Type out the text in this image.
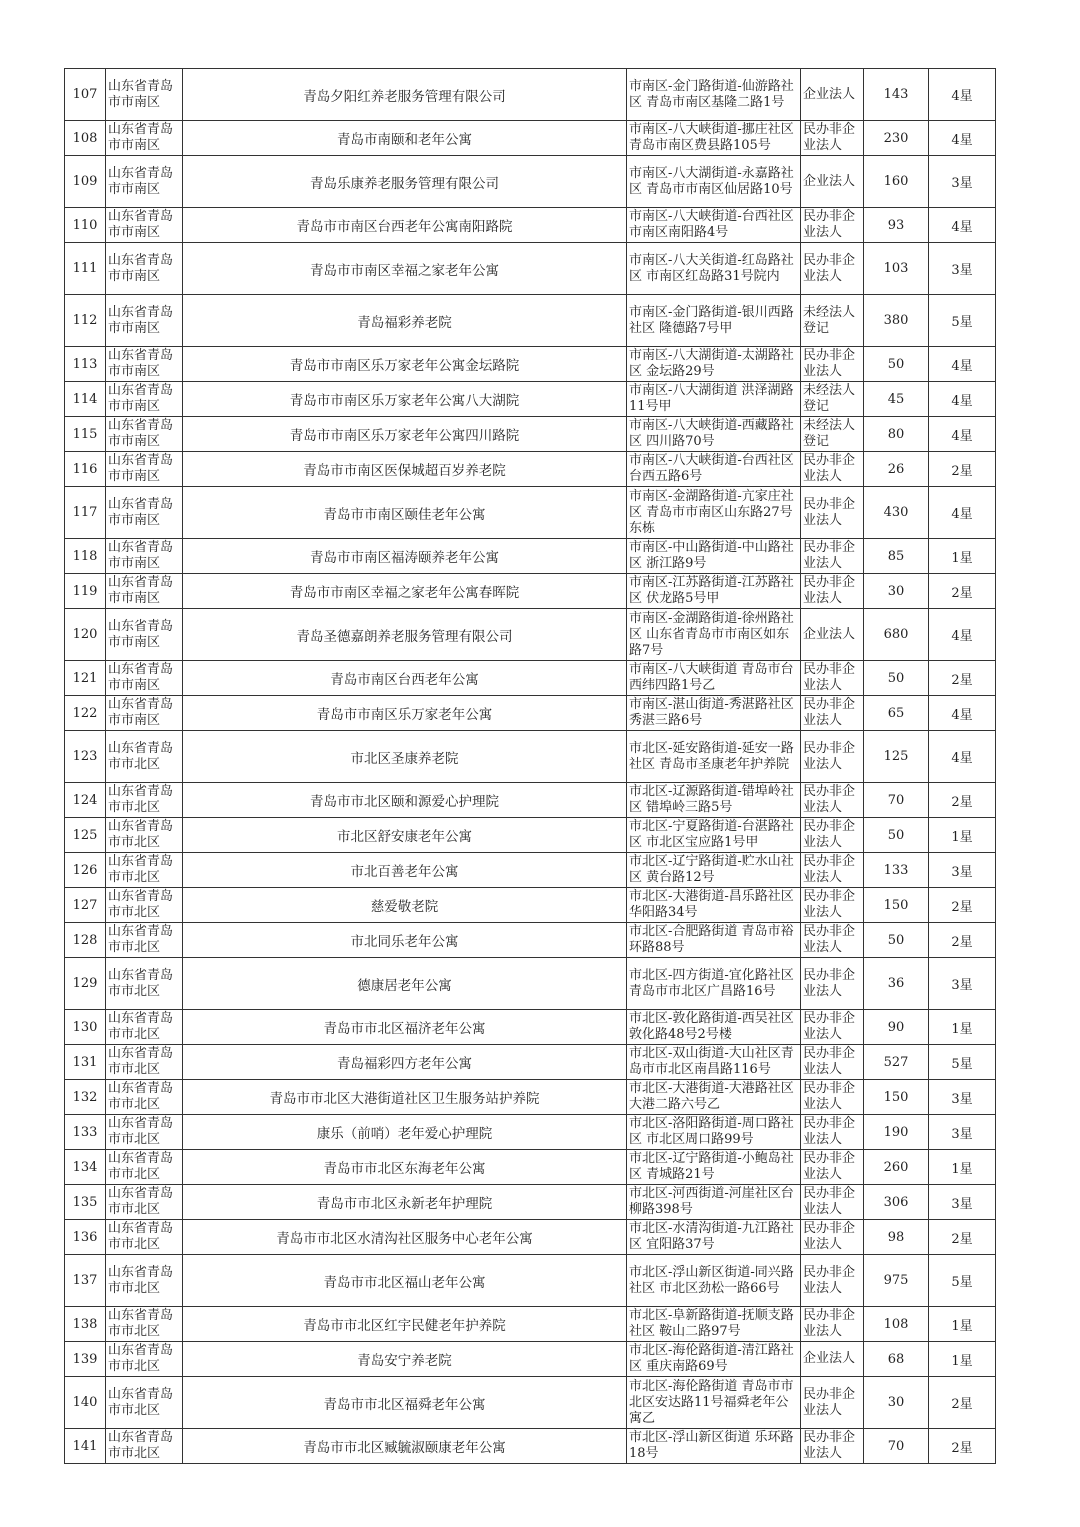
107	山东省青岛市市南区	青岛夕阳红养老服务管理有限公司	市南区-金门路街道-仙游路社区 青岛市南区基隆二路1号	企业法人	143	4星
108	山东省青岛市市南区	青岛市南颐和老年公寓	市南区-八大峡街道-挪庄社区 青岛市南区费县路105号	民办非企业法人	230	4星
109	山东省青岛市市南区	青岛乐康养老服务管理有限公司	市南区-八大湖街道-永嘉路社区 青岛市市南区仙居路10号	企业法人	160	3星
110	山东省青岛市市南区	青岛市市南区台西老年公寓南阳路院	市南区-八大峡街道-台西社区 市南区南阳路4号	民办非企业法人	93	4星
111	山东省青岛市市南区	青岛市市南区幸福之家老年公寓	市南区-八大关街道-红岛路社区 市南区红岛路31号院内	民办非企业法人	103	3星
112	山东省青岛市市南区	青岛福彩养老院	市南区-金门路街道-银川西路社区 隆德路7号甲	未经法人登记	380	5星
113	山东省青岛市市南区	青岛市市南区乐万家老年公寓金坛路院	市南区-八大湖街道-太湖路社区 金坛路29号	民办非企业法人	50	4星
114	山东省青岛市市南区	青岛市市南区乐万家老年公寓八大湖院	市南区-八大湖街道 洪泽湖路11号甲	未经法人登记	45	4星
115	山东省青岛市市南区	青岛市市南区乐万家老年公寓四川路院	市南区-八大峡街道-西藏路社区 四川路70号	未经法人登记	80	4星
116	山东省青岛市市南区	青岛市市南区医保城超百岁养老院	市南区-八大峡街道-台西社区 台西五路6号	民办非企业法人	26	2星
117	山东省青岛市市南区	青岛市市南区颐佳老年公寓	市南区-金湖路街道-亢家庄社区 青岛市市南区山东路27号东栋	民办非企业法人	430	4星
118	山东省青岛市市南区	青岛市市南区福涛颐养老年公寓	市南区-中山路街道-中山路社区 浙江路9号	民办非企业法人	85	1星
119	山东省青岛市市南区	青岛市市南区幸福之家老年公寓春晖院	市南区-江苏路街道-江苏路社区 伏龙路5号甲	民办非企业法人	30	2星
120	山东省青岛市市南区	青岛圣德嘉朗养老服务管理有限公司	市南区-金湖路街道-徐州路社区 山东省青岛市市南区如东路7号	企业法人	680	4星
121	山东省青岛市市南区	青岛市南区台西老年公寓	市南区-八大峡街道 青岛市台西纬四路1号乙	民办非企业法人	50	2星
122	山东省青岛市市南区	青岛市市南区乐万家老年公寓	市南区-湛山街道-秀湛路社区 秀湛三路6号	民办非企业法人	65	4星
123	山东省青岛市市北区	市北区圣康养老院	市北区-延安路街道-延安一路社区 青岛市圣康老年护养院	民办非企业法人	125	4星
124	山东省青岛市市北区	青岛市市北区颐和源爱心护理院	市北区-辽源路街道-错埠岭社区 错埠岭三路5号	民办非企业法人	70	2星
125	山东省青岛市市北区	市北区舒安康老年公寓	市北区-宁夏路街道-台湛路社区 市北区宝应路1号甲	民办非企业法人	50	1星
126	山东省青岛市市北区	市北百善老年公寓	市北区-辽宁路街道-贮水山社区 黄台路12号	民办非企业法人	133	3星
127	山东省青岛市市北区	慈爱敬老院	市北区-大港街道-昌乐路社区 华阳路34号	民办非企业法人	150	2星
128	山东省青岛市市北区	市北同乐老年公寓	市北区-合肥路街道 青岛市裕环路88号	民办非企业法人	50	2星
129	山东省青岛市市北区	德康居老年公寓	市北区-四方街道-宜化路社区 青岛市市北区广昌路16号	民办非企业法人	36	3星
130	山东省青岛市市北区	青岛市市北区福济老年公寓	市北区-敦化路街道-西吴社区 敦化路48号2号楼	民办非企业法人	90	1星
131	山东省青岛市市北区	青岛福彩四方老年公寓	市北区-双山街道-大山社区青岛市市北区南昌路116号	民办非企业法人	527	5星
132	山东省青岛市市北区	青岛市市北区大港街道社区卫生服务站护养院	市北区-大港街道-大港路社区 大港二路六号乙	民办非企业法人	150	3星
133	山东省青岛市市北区	康乐（前哨）老年爱心护理院	市北区-洛阳路街道-周口路社区 市北区周口路99号	民办非企业法人	190	3星
134	山东省青岛市市北区	青岛市市北区东海老年公寓	市北区-辽宁路街道-小鲍岛社区 青城路21号	民办非企业法人	260	1星
135	山东省青岛市市北区	青岛市市北区永新老年护理院	市北区-河西街道-河崖社区台柳路398号	民办非企业法人	306	3星
136	山东省青岛市市北区	青岛市市北区水清沟社区服务中心老年公寓	市北区-水清沟街道-九江路社区 宜阳路37号	民办非企业法人	98	2星
137	山东省青岛市市北区	青岛市市北区福山老年公寓	市北区-浮山新区街道-同兴路社区 市北区劲松一路66号	民办非企业法人	975	5星
138	山东省青岛市市北区	青岛市市北区红宇民健老年护养院	市北区-阜新路街道-抚顺支路社区 鞍山二路97号	民办非企业法人	108	1星
139	山东省青岛市市北区	青岛安宁养老院	市北区-海伦路街道-清江路社区 重庆南路69号	企业法人	68	1星
140	山东省青岛市市北区	青岛市市北区福舜老年公寓	市北区-海伦路街道 青岛市市北区安达路11号福舜老年公寓乙	民办非企业法人	30	2星
141	山东省青岛市市北区	青岛市市北区臧毓淑颐康老年公寓	市北区-浮山新区街道 乐环路18号	民办非企业法人	70	2星
